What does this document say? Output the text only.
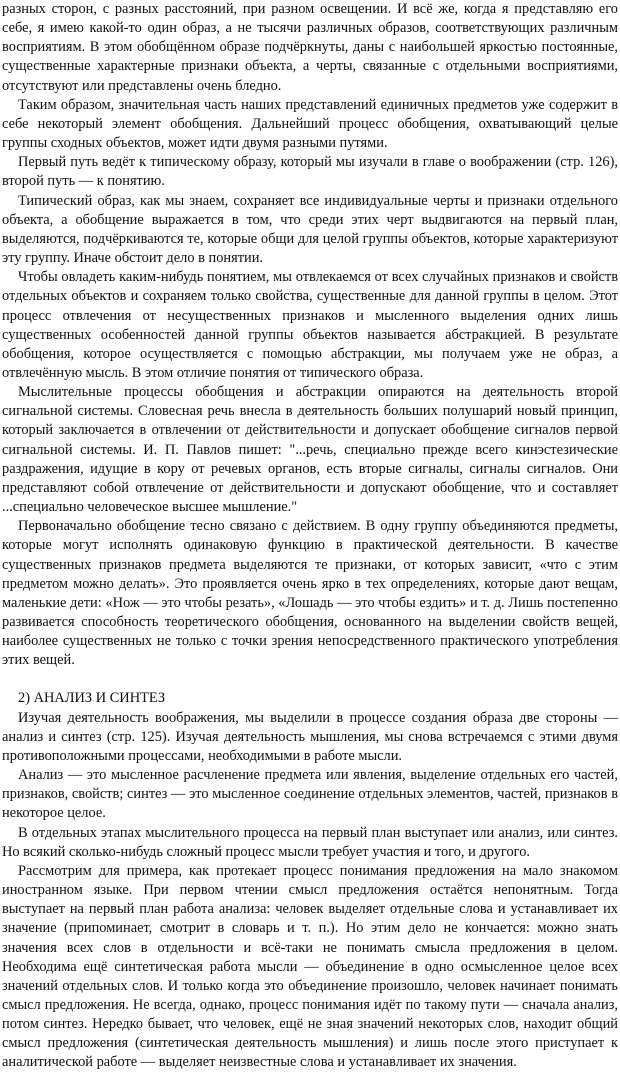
разных сторон, с разных расстояний, при разном освещении. И всё же, когда я представляю его себе, я имею какой-то один образ, а не тысячи различных образов, соответствующих различным восприятиям. В этом обобщённом образе подчёркнуты, даны с наибольшей яркостью постоянные, существенные характерные признаки объекта, а черты, связанные с отдельными восприятиями, отсутствуют или представлены очень бледно.

Таким образом, значительная часть наших представлений единичных предметов уже содержит в себе некоторый элемент обобщения. Дальнейший процесс обобщения, охватывающий целые группы сходных объектов, может идти двумя разными путями.

Первый путь ведёт к типическому образу, который мы изучали в главе о воображении (стр. 126), второй путь — к понятию.

Типический образ, как мы знаем, сохраняет все индивидуальные черты и признаки отдельного объекта, а обобщение выражается в том, что среди этих черт выдвигаются на первый план, выделяются, подчёркиваются те, которые общи для целой группы объектов, которые характеризуют эту группу. Иначе обстоит дело в понятии.

Чтобы овладеть каким-нибудь понятием, мы отвлекаемся от всех случайных признаков и свойств отдельных объектов и сохраняем только свойства, существенные для данной группы в целом. Этот процесс отвлечения от несущественных признаков и мысленного выделения одних лишь существенных особенностей данной группы объектов называется абстракцией. В результате обобщения, которое осуществляется с помощью абстракции, мы получаем уже не образ, а отвлечённую мысль. В этом отличие понятия от типического образа.

Мыслительные процессы обобщения и абстракции опираются на деятельность второй сигнальной системы. Словесная речь внесла в деятельность больших полушарий новый принцип, который заключается в отвлечении от действительности и допускает обобщение сигналов первой сигнальной системы. И. П. Павлов пишет: "...речь, специально прежде всего кинэстезические раздражения, идущие в кору от речевых органов, есть вторые сигналы, сигналы сигналов. Они представляют собой отвлечение от действительности и допускают обобщение, что и составляет ...специально человеческое высшее мышление."

Первоначально обобщение тесно связано с действием. В одну группу объединяются предметы, которые могут исполнять одинаковую функцию в практической деятельности. В качестве существенных признаков предмета выделяются те признаки, от которых зависит, «что с этим предметом можно делать». Это проявляется очень ярко в тех определениях, которые дают вещам, маленькие дети: «Нож — это чтобы резать», «Лошадь — это чтобы ездить» и т. д. Лишь постепенно развивается способность теоретического обобщения, основанного на выделении свойств вещей, наиболее существенных не только с точки зрения непосредственного практического употребления этих вещей.

2) АНАЛИЗ И СИНТЕЗ

Изучая деятельность воображения, мы выделили в процессе создания образа две стороны — анализ и синтез (стр. 125). Изучая деятельность мышления, мы снова встречаемся с этими двумя противоположными процессами, необходимыми в работе мысли.

Анализ — это мысленное расчленение предмета или явления, выделение отдельных его частей, признаков, свойств; синтез — это мысленное соединение отдельных элементов, частей, признаков в некоторое целое.

В отдельных этапах мыслительного процесса на первый план выступает или анализ, или синтез. Но всякий сколько-нибудь сложный процесс мысли требует участия и того, и другого.

Рассмотрим для примера, как протекает процесс понимания предложения на мало знакомом иностранном языке. При первом чтении смысл предложения остаётся непонятным. Тогда выступает на первый план работа анализа: человек выделяет отдельные слова и устанавливает их значение (припоминает, смотрит в словарь и т. п.). Но этим дело не кончается: можно знать значения всех слов в отдельности и всё-таки не понимать смысла предложения в целом. Необходима ещё синтетическая работа мысли — объединение в одно осмысленное целое всех значений отдельных слов. И только когда это объединение произошло, человек начинает понимать смысл предложения. Не всегда, однако, процесс понимания идёт по такому пути — сначала анализ, потом синтез. Нередко бывает, что человек, ещё не зная значений некоторых слов, находит общий смысл предложения (синтетическая деятельность мышления) и лишь после этого приступает к аналитической работе — выделяет неизвестные слова и устанавливает их значения.
